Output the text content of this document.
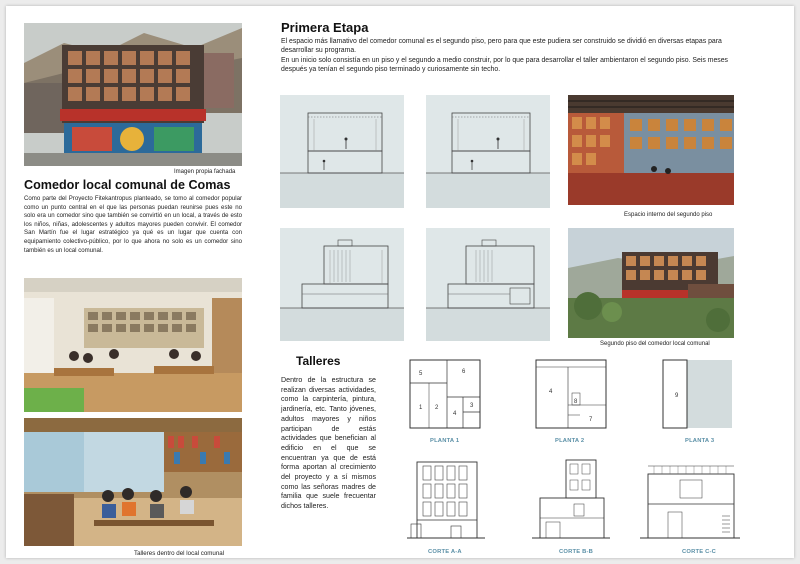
Imagen propia fachada
Comedor local comunal de Comas
Como parte del Proyecto Fitekantropus planteado, se tomo al comedor popular como un punto central en el que las personas puedan reunirse pues este no solo era un comedor sino que también se convirtió en un local, a través de esto los niños, niñas, adolescentes y adultos mayores pueden convivir. El comedor San Martín fue el lugar estratégico ya qué es un lugar que cuenta con equipamiento colectivo-público, por lo que ahora no solo es un comedor sino también es un local comunal.
Talleres dentro del local comunal
Primera Etapa
El espacio más llamativo del comedor comunal es el segundo piso, pero para que este pudiera ser construido se dividió en diversas etapas para desarrollar su programa.
En un inicio solo consistía en un piso y el segundo a medio construir, por lo que para desarrollar el taller ambientaron el segundo piso. Seis meses después ya tenían el segundo piso terminado y curiosamente sin techo.
Espacio interno del segundo piso
Segundo piso del comedor local comunal
Talleres
Dentro de la estructura se realizan diversas actividades, como la carpintería, pintura, jardinería, etc. Tanto jóvenes, adultos mayores y niños participan de estás actividades que benefician al edificio en el que se encuentran ya que de está forma aportan al crecimiento del proyecto y a sí mismos como las señoras madres de familia que suele frecuentar dichos talleres.
5	6
1 2	3
4
PLANTA 1
4
8
7
PLANTA 2
9
PLANTA 3
CORTE A-A	CORTE B-B	CORTE C-C
